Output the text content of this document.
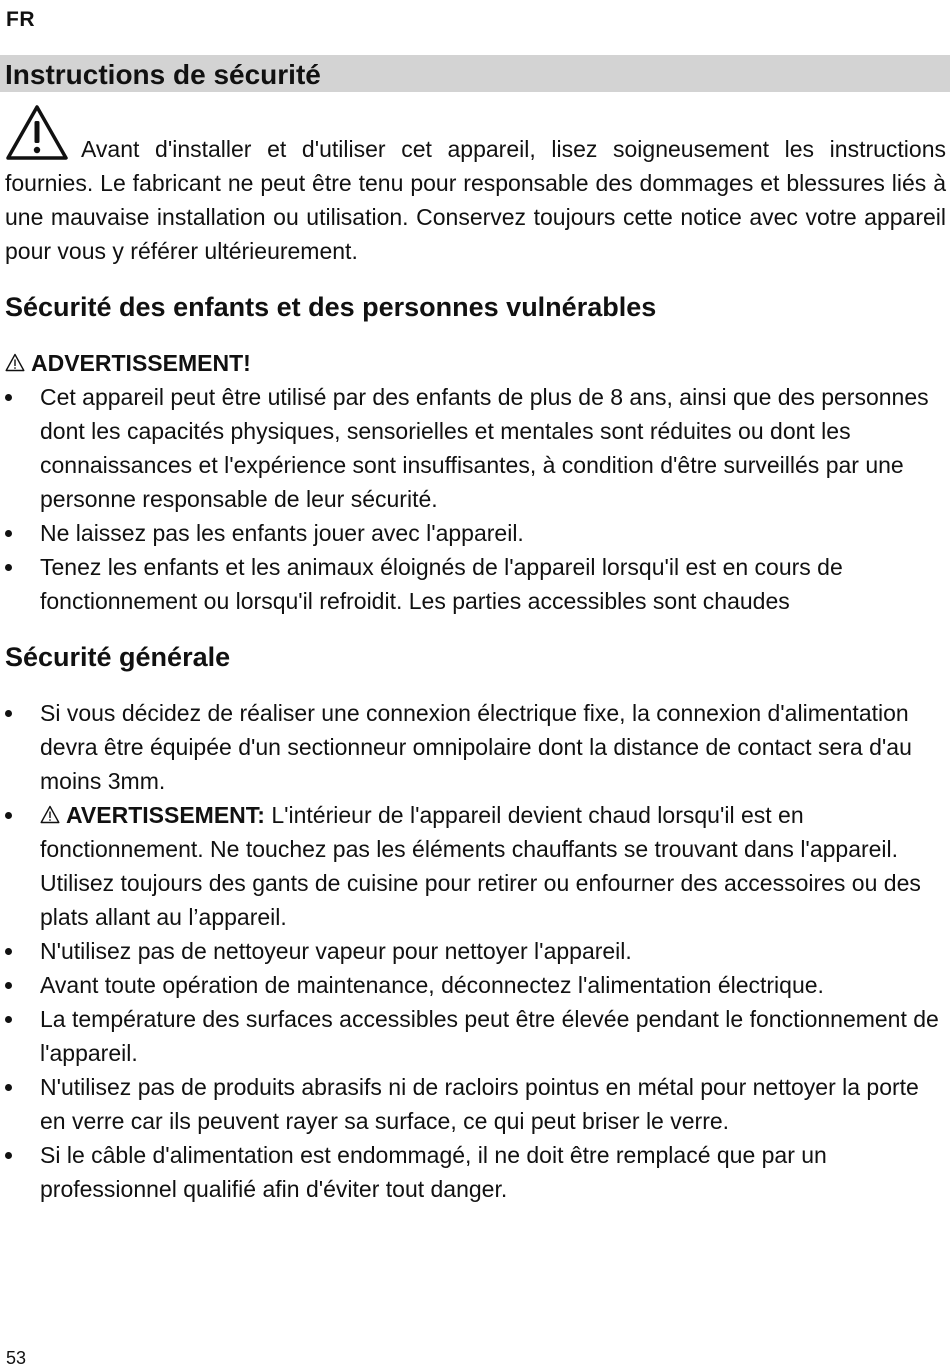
FR
Instructions de sécurité

Avant d'installer et d'utiliser cet appareil, lisez soigneusement les instructions fournies. Le fabricant ne peut être tenu pour responsable des dommages et blessures liés à une mauvaise installation ou utilisation. Conservez toujours cette notice avec votre appareil pour vous y référer ultérieurement.

Sécurité des enfants et des personnes vulnérables

ADVERTISSEMENT!

Cet appareil peut être utilisé par des enfants de plus de 8 ans, ainsi que des personnes dont les capacités physiques, sensorielles et mentales sont réduites ou dont les connaissances et l'expérience sont insuffisantes, à condition d'être surveillés par une personne responsable de leur sécurité.
Ne laissez pas les enfants jouer avec l'appareil.
Tenez les enfants et les animaux éloignés de l'appareil lorsqu'il est en cours de fonctionnement ou lorsqu'il refroidit. Les parties accessibles sont chaudes
Sécurité générale
Si vous décidez de réaliser une connexion électrique fixe, la connexion d'alimentation devra être équipée d'un sectionneur omnipolaire dont la distance de contact sera d'au moins 3mm.
AVERTISSEMENT: L'intérieur de l'appareil devient chaud lorsqu'il est en fonctionnement. Ne touchez pas les éléments chauffants se trouvant dans l'appareil. Utilisez toujours des gants de cuisine pour retirer ou enfourner des accessoires ou des plats allant au l’appareil.
N'utilisez pas de nettoyeur vapeur pour nettoyer l'appareil.
Avant toute opération de maintenance, déconnectez l'alimentation électrique.
La température des surfaces accessibles peut être élevée pendant le fonctionnement de l'appareil.
N'utilisez pas de produits abrasifs ni de racloirs pointus en métal pour nettoyer la porte en verre car ils peuvent rayer sa surface, ce qui peut briser le verre.
Si le câble d'alimentation est endommagé, il ne doit être remplacé que par un professionnel qualifié afin d'éviter tout danger.
53
